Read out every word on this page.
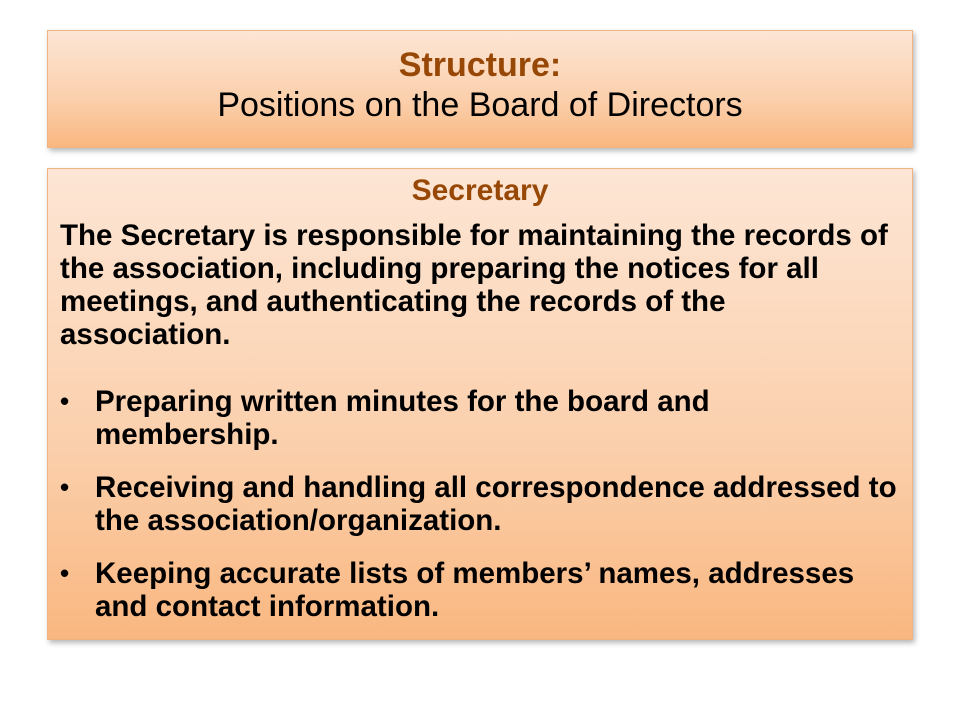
Structure:
Positions on the Board of Directors
Secretary
The Secretary is responsible for maintaining the records of the association, including preparing the notices for all meetings, and authenticating the records of the association.
• Preparing written minutes for the board and membership.
• Receiving and handling all correspondence addressed to the association/organization.
• Keeping accurate lists of members’ names, addresses and contact information.
